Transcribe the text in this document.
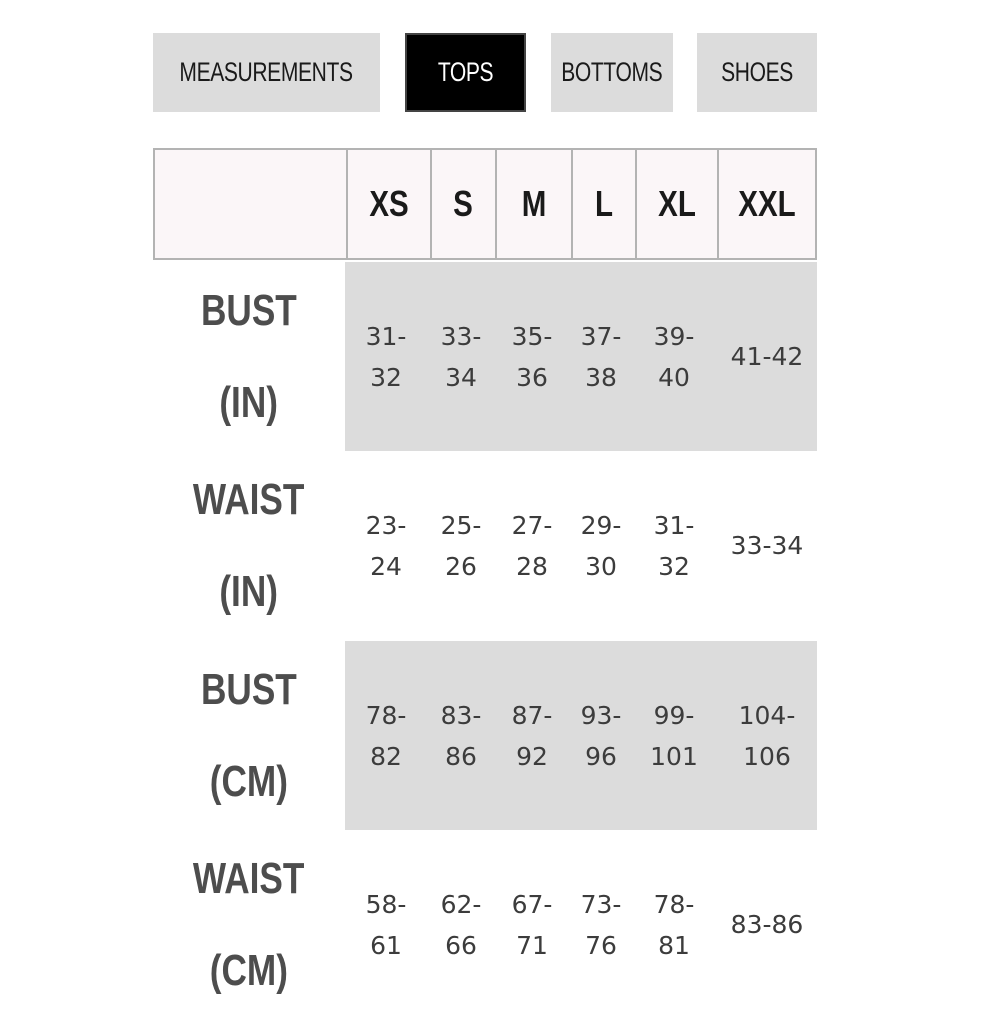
MEASUREMENTS	TOPS	BOTTOMS SHOES
XS S M L XL XXL
BUST
(IN)
31-
32
33-
34
35-
36
37-
38
39-
40
41-42
WAIST
(IN)
23-
24
25-
26
27-
28
29-
30
31-
32
33-34
BUST
(CM)
78-
82
83-
86
87-
92
93-
96
99-
101
104-
106
WAIST
(CM)
58-
61
62-
66
67-
71
73-
76
78-
81
83-86
